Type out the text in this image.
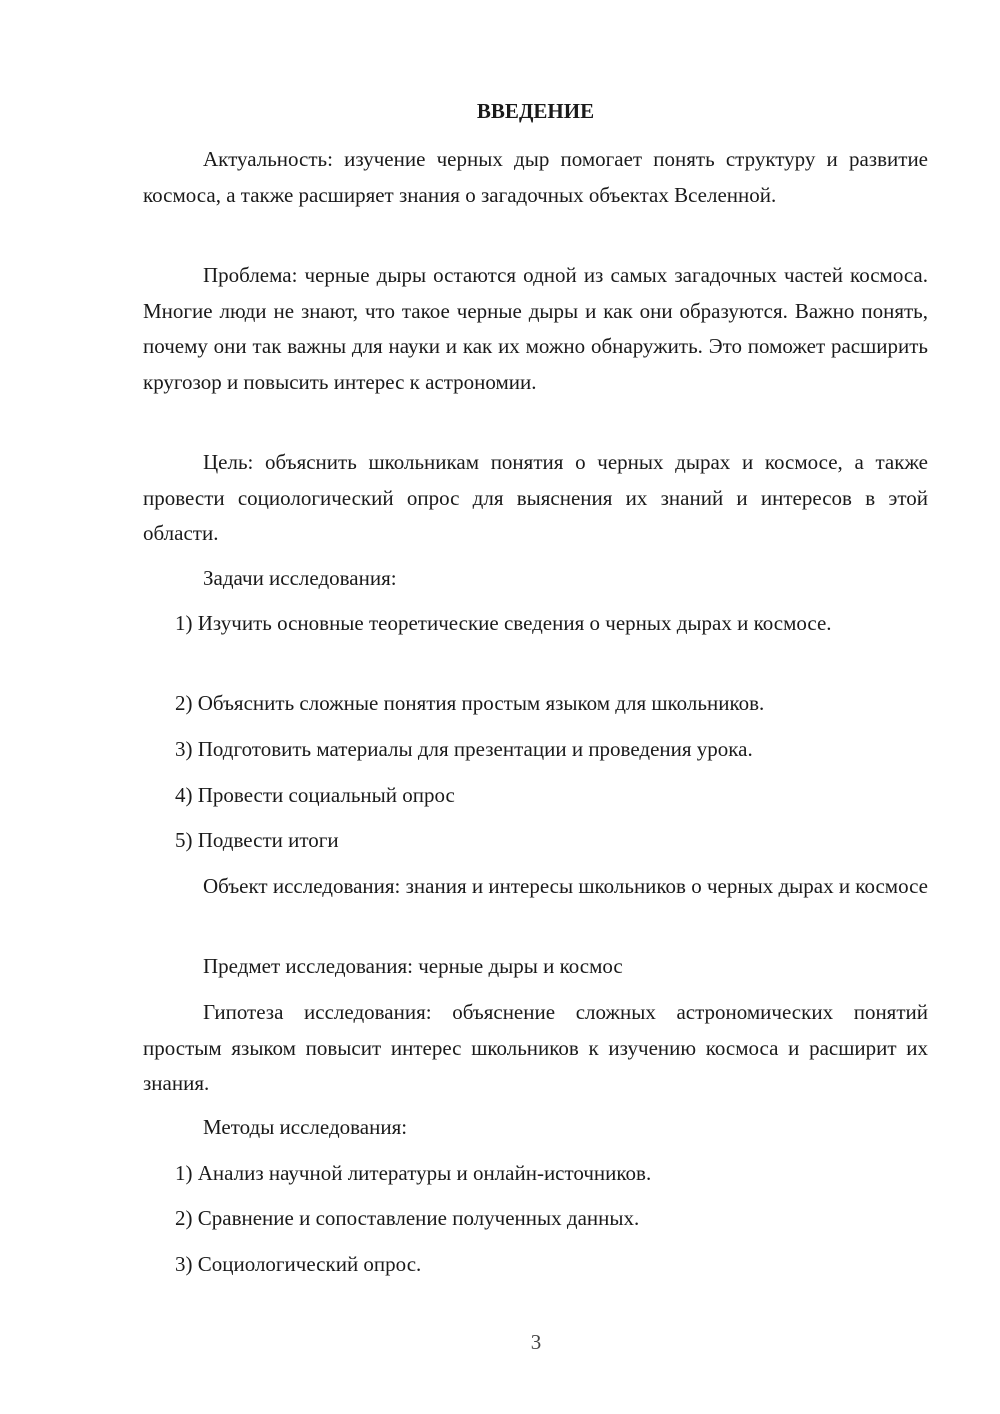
ВВЕДЕНИЕ

Актуальность: изучение черных дыр помогает понять структуру и развитие космоса, а также расширяет знания о загадочных объектах Вселенной.

Проблема: черные дыры остаются одной из самых загадочных частей космоса. Многие люди не знают, что такое черные дыры и как они образуются. Важно понять, почему они так важны для науки и как их можно обнаружить. Это поможет расширить кругозор и повысить интерес к астрономии.

Цель: объяснить школьникам понятия о черных дырах и космосе, а также провести социологический опрос для выяснения их знаний и интересов в этой области.

Задачи исследования:

1) Изучить основные теоретические сведения о черных дырах и космосе.

2) Объяснить сложные понятия простым языком для школьников.

3) Подготовить материалы для презентации и проведения урока.

4) Провести социальный опрос

5) Подвести итоги

Объект исследования: знания и интересы школьников о черных дырах и космосе

Предмет исследования: черные дыры и космос

Гипотеза исследования: объяснение сложных астрономических понятий простым языком повысит интерес школьников к изучению космоса и расширит их знания.

Методы исследования:

1) Анализ научной литературы и онлайн-источников.

2) Сравнение и сопоставление полученных данных.

3) Социологический опрос.

3
